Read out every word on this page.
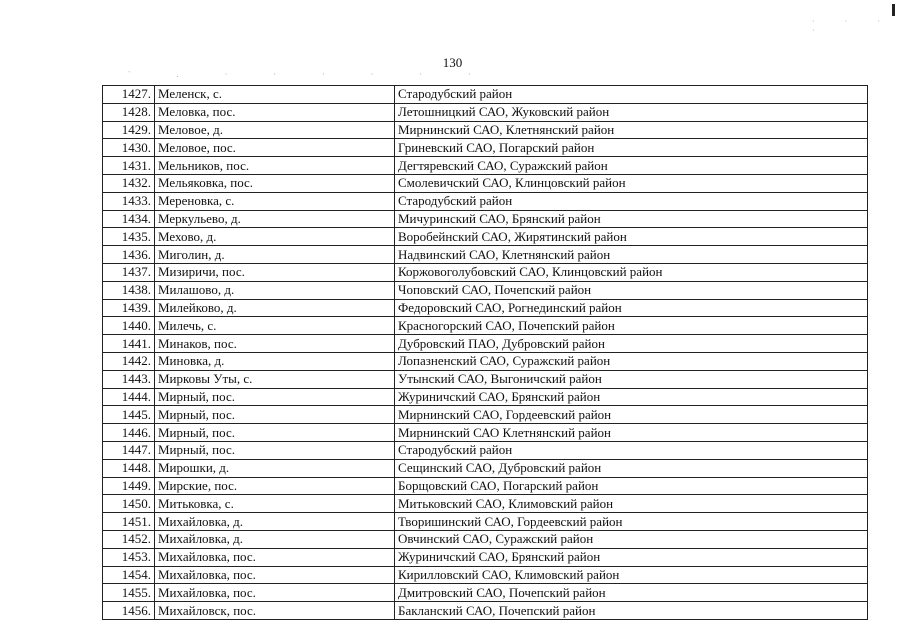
· · · ·
` . · · · · · ·
130
1427.	Меленск, с.	Стародубский район
1428.	Меловка, пос.	Летошницкий САО, Жуковский район
1429.	Меловое, д.	Мирнинский САО, Клетнянский район
1430.	Меловое, пос.	Гриневский САО, Погарский район
1431.	Мельников, пос.	Дегтяревский САО, Суражский район
1432.	Мельяковка, пос.	Смолевичский САО, Клинцовский район
1433.	Мереновка, с.	Стародубский район
1434.	Меркульево, д.	Мичуринский САО, Брянский район
1435.	Мехово, д.	Воробейнский САО, Жирятинский район
1436.	Миголин, д.	Надвинский САО, Клетнянский район
1437.	Мизиричи, пос.	Коржовоголубовский САО, Клинцовский район
1438.	Милашово, д.	Чоповский САО, Почепский район
1439.	Милейково, д.	Федоровский САО, Рогнединский район
1440.	Милечь, с.	Красногорский САО, Почепский район
1441.	Минаков, пос.	Дубровский ПАО, Дубровский район
1442.	Миновка, д.	Лопазненский САО, Суражский район
1443.	Мирковы Уты, с.	Утынский САО, Выгоничский район
1444.	Мирный, пос.	Журиничский САО, Брянский район
1445.	Мирный, пос.	Мирнинский САО, Гордеевский район
1446.	Мирный, пос.	Мирнинский САО Клетнянский район
1447.	Мирный, пос.	Стародубский район
1448.	Мирошки, д.	Сещинский САО, Дубровский район
1449.	Мирские, пос.	Борщовский САО, Погарский район
1450.	Митьковка, с.	Митьковский САО, Климовский район
1451.	Михайловка, д.	Творишинский САО, Гордеевский район
1452.	Михайловка, д.	Овчинский САО, Суражский район
1453.	Михайловка, пос.	Журиничский САО, Брянский район
1454.	Михайловка, пос.	Кирилловский САО, Климовский район
1455.	Михайловка, пос.	Дмитровский САО, Почепский район
1456.	Михайловск, пос.	Бакланский САО, Почепский район
